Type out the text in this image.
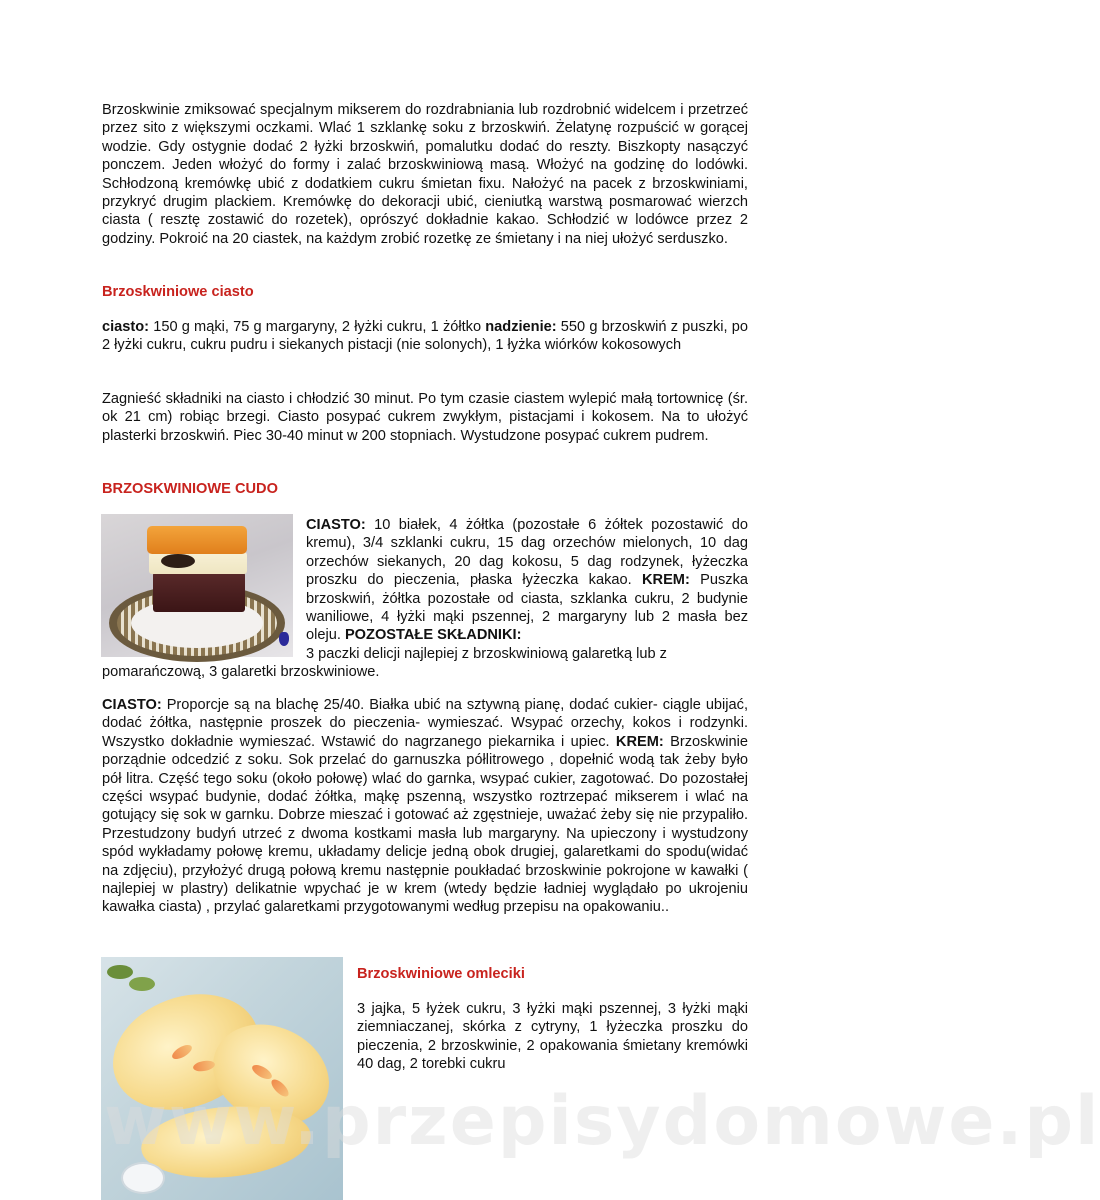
Brzoskwinie zmiksować specjalnym mikserem do rozdrabniania lub rozdrobnić widelcem i przetrzeć przez sito z większymi oczkami. Wlać 1 szklankę soku z brzoskwiń. Żelatynę rozpuścić w gorącej wodzie. Gdy ostygnie dodać 2 łyżki brzoskwiń, pomalutku dodać do reszty. Biszkopty nasączyć ponczem. Jeden włożyć do formy i zalać brzoskwiniową masą. Włożyć na godzinę do lodówki. Schłodzoną kremówkę ubić z dodatkiem cukru śmietan fixu. Nałożyć na pacek z brzoskwiniami, przykryć drugim plackiem. Kremówkę do dekoracji ubić, cieniutką warstwą posmarować wierzch ciasta ( resztę zostawić do rozetek), oprószyć dokładnie kakao. Schłodzić w lodówce przez 2 godziny. Pokroić na 20 ciastek, na każdym zrobić rozetkę ze śmietany i na niej ułożyć serduszko.

Brzoskwiniowe ciasto

ciasto: 150 g mąki, 75 g margaryny, 2 łyżki cukru, 1 żółtko nadzienie: 550 g brzoskwiń z puszki, po 2 łyżki cukru, cukru pudru i siekanych pistacji (nie solonych), 1 łyżka wiórków kokosowych

Zagnieść składniki na ciasto i chłodzić 30 minut. Po tym czasie ciastem wylepić małą tortownicę (śr. ok 21 cm) robiąc brzegi. Ciasto posypać cukrem zwykłym, pistacjami i kokosem. Na to ułożyć plasterki brzoskwiń. Piec 30-40 minut w 200 stopniach. Wystudzone posypać cukrem pudrem.

BRZOSKWINIOWE CUDO

CIASTO: 10 białek, 4 żółtka (pozostałe 6 żółtek pozostawić do kremu), 3/4 szklanki cukru, 15 dag orzechów mielonych, 10 dag orzechów siekanych, 20 dag kokosu, 5 dag rodzynek, łyżeczka proszku do pieczenia, płaska łyżeczka kakao. KREM: Puszka brzoskwiń, żółtka pozostałe od ciasta, szklanka cukru, 2 budynie waniliowe, 4 łyżki mąki pszennej, 2 margaryny lub 2 masła bez oleju. POZOSTAŁE SKŁADNIKI:
3 paczki delicji najlepiej z brzoskwiniową galaretką lub z

pomarańczową, 3 galaretki brzoskwiniowe.

CIASTO: Proporcje są na blachę 25/40. Białka ubić na sztywną pianę, dodać cukier- ciągle ubijać, dodać żółtka, następnie proszek do pieczenia- wymieszać. Wsypać orzechy, kokos i rodzynki. Wszystko dokładnie wymieszać. Wstawić do nagrzanego piekarnika i upiec. KREM: Brzoskwinie porządnie odcedzić z soku. Sok przelać do garnuszka półlitrowego , dopełnić wodą tak żeby było pół litra. Część tego soku (około połowę) wlać do garnka, wsypać cukier, zagotować. Do pozostałej części wsypać budynie, dodać żółtka, mąkę pszenną, wszystko roztrzepać mikserem i wlać na gotujący się sok w garnku. Dobrze mieszać i gotować aż zgęstnieje, uważać żeby się nie przypaliło. Przestudzony budyń utrzeć z dwoma kostkami masła lub margaryny. Na upieczony i wystudzony spód wykładamy połowę kremu, układamy delicje jedną obok drugiej, galaretkami do spodu(widać na zdjęciu), przyłożyć drugą połową kremu następnie poukładać brzoskwinie pokrojone w kawałki ( najlepiej w plastry) delikatnie wpychać je w krem (wtedy będzie ładniej wyglądało po ukrojeniu kawałka ciasta) , przylać galaretkami przygotowanymi według przepisu na opakowaniu..

Brzoskwiniowe omleciki

3 jajka, 5 łyżek cukru, 3 łyżki mąki pszennej, 3 łyżki mąki ziemniaczanej, skórka z cytryny, 1 łyżeczka proszku do pieczenia, 2 brzoskwinie, 2 opakowania śmietany kremówki 40 dag, 2 torebki cukru

www.przepisydomowe.pl
